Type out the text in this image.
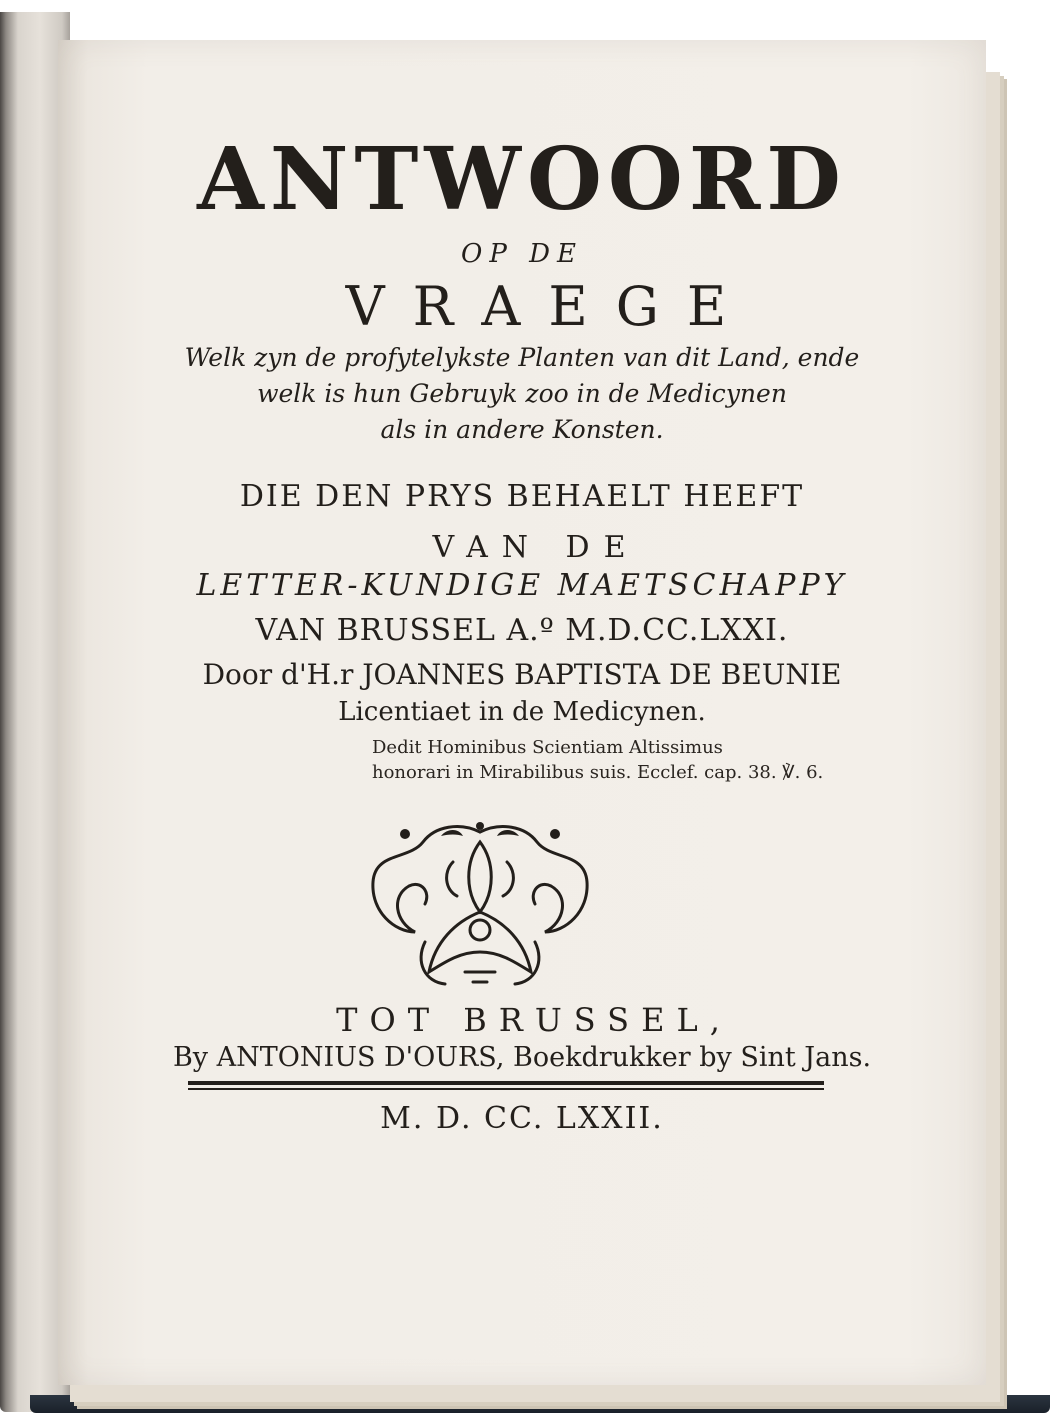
ANTWOORD

OP DE

VRAEGE

Welk zyn de profytelykste Planten van dit Land, ende
welk is hun Gebruyk zoo in de Medicynen
als in andere Konsten.

DIE DEN PRYS BEHAELT HEEFT

VAN DE

LETTER-KUNDIGE MAETSCHAPPY

VAN BRUSSEL A.º M.D.CC.LXXI.

Door d'H.r JOANNES BAPTISTA DE BEUNIE

Licentiaet in de Medicynen.

Dedit Hominibus Scientiam Altissimus
honorari in Mirabilibus suis. Ecclef. cap. 38. ℣. 6.

TOT BRUSSEL,

By ANTONIUS D'OURS, Boekdrukker by Sint Jans.

M. D. CC. LXXII.
